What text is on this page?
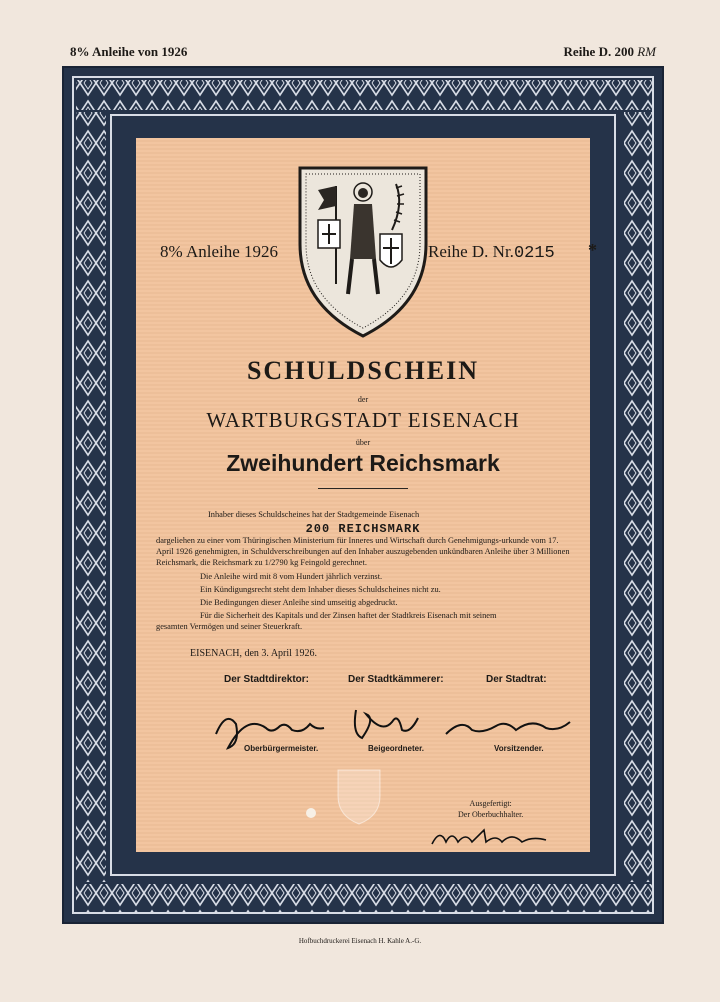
8% Anleihe von 1926	Reihe D. 200 RM
8% Anleihe 1926	Reihe D. Nr.0215 *
SCHULDSCHEIN
der
WARTBURGSTADT EISENACH
über
Zweihundert Reichsmark
Inhaber dieses Schuldscheines hat der Stadtgemeinde Eisenach
200 REICHSMARK
dargeliehen zu einer vom Thüringischen Ministerium für Inneres und Wirtschaft durch Genehmigungs-urkunde vom 17. April 1926 genehmigten, in Schuldverschreibungen auf den Inhaber auszugebenden unkündbaren Anleihe über 3 Millionen Reichsmark, die Reichsmark zu 1/2790 kg Feingold gerechnet.
Die Anleihe wird mit 8 vom Hundert jährlich verzinst.
Ein Kündigungsrecht steht dem Inhaber dieses Schuldscheines nicht zu.
Die Bedingungen dieser Anleihe sind umseitig abgedruckt.
Für die Sicherheit des Kapitals und der Zinsen haftet der Stadtkreis Eisenach mit seinem
gesamten Vermögen und seiner Steuerkraft.
EISENACH, den 3. April 1926.
Der Stadtdirektor:	Der Stadtkämmerer:	Der Stadtrat:
Oberbürgermeister.	Beigeordneter.	Vorsitzender.
Ausgefertigt:
Der Oberbuchhalter.
Hofbuchdruckerei Eisenach H. Kahle A.-G.
